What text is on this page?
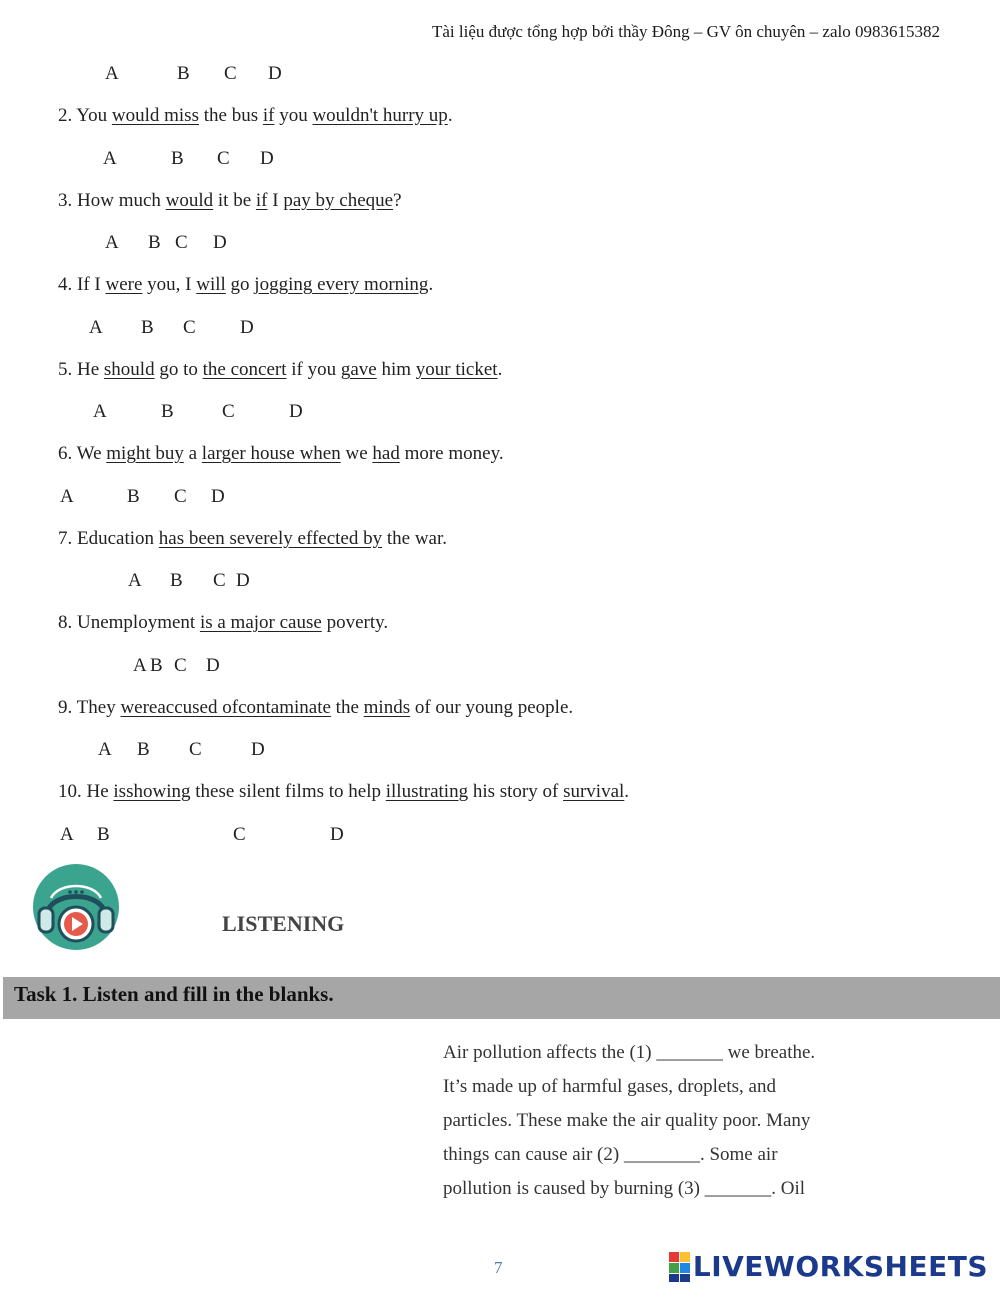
Tài liệu được tổng hợp bởi thầy Đông – GV ôn chuyên – zalo 0983615382
A	B C D
2. You would miss the bus if you wouldn't hurry up.
A	B C D
3. How much would it be if I pay by cheque?
A B C D
4. If I were you, I will go jogging every morning.
A B C D
5. He should go to the concert if you gave him your ticket.
A	B	C	D
6. We might buy a larger house when we had more money.
A	B C D
7. Education has been severely effected by the war.
A B C D
8. Unemployment is a major cause poverty.
A B C D
9. They wereaccused ofcontaminate the minds of our young people.
A B C	D
10. He isshowing these silent films to help illustrating his story of survival.
A B	C	D
LISTENING
Task 1. Listen and fill in the blanks.
Air pollution affects the (1) _______ we breathe.
It’s made up of harmful gases, droplets, and
particles. These make the air quality poor. Many
things can cause air (2) ________. Some air
pollution is caused by burning (3) _______. Oil
7	LIVEWORKSHEETS
